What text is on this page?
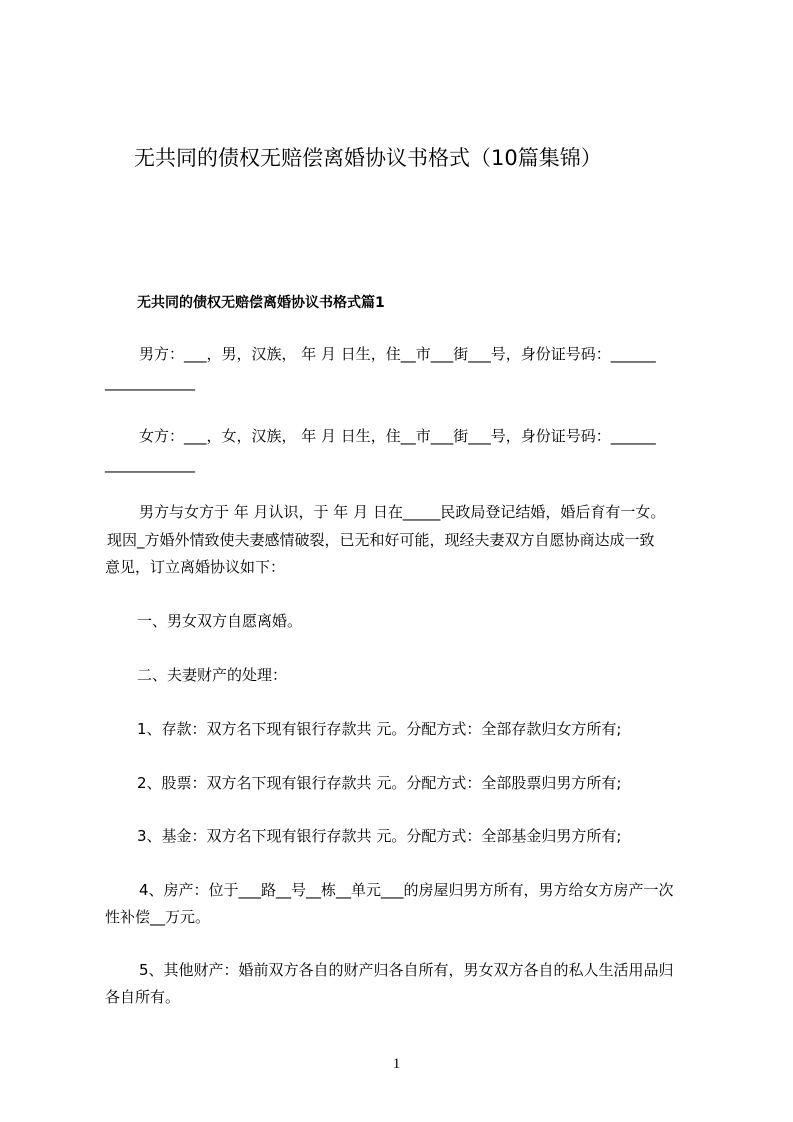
无共同的债权无赔偿离婚协议书格式（10篇集锦）
无共同的债权无赔偿离婚协议书格式篇1
男方：___，男，汉族， 年 月 日生，住__市___街___号，身份证号码：______
____________
女方：___，女，汉族， 年 月 日生，住__市___街___号，身份证号码：______
____________
男方与女方于 年 月认识，于 年 月 日在_____民政局登记结婚，婚后育有一女。
现因_方婚外情致使夫妻感情破裂，已无和好可能，现经夫妻双方自愿协商达成一致
意见，订立离婚协议如下：
一、男女双方自愿离婚。
二、夫妻财产的处理：
1、存款：双方名下现有银行存款共 元。分配方式：全部存款归女方所有;
2、股票：双方名下现有银行存款共 元。分配方式：全部股票归男方所有;
3、基金：双方名下现有银行存款共 元。分配方式：全部基金归男方所有;
4、房产：位于___路__号__栋__单元___的房屋归男方所有，男方给女方房产一次
性补偿__万元。
5、其他财产：婚前双方各自的财产归各自所有，男女双方各自的私人生活用品归
各自所有。
1
